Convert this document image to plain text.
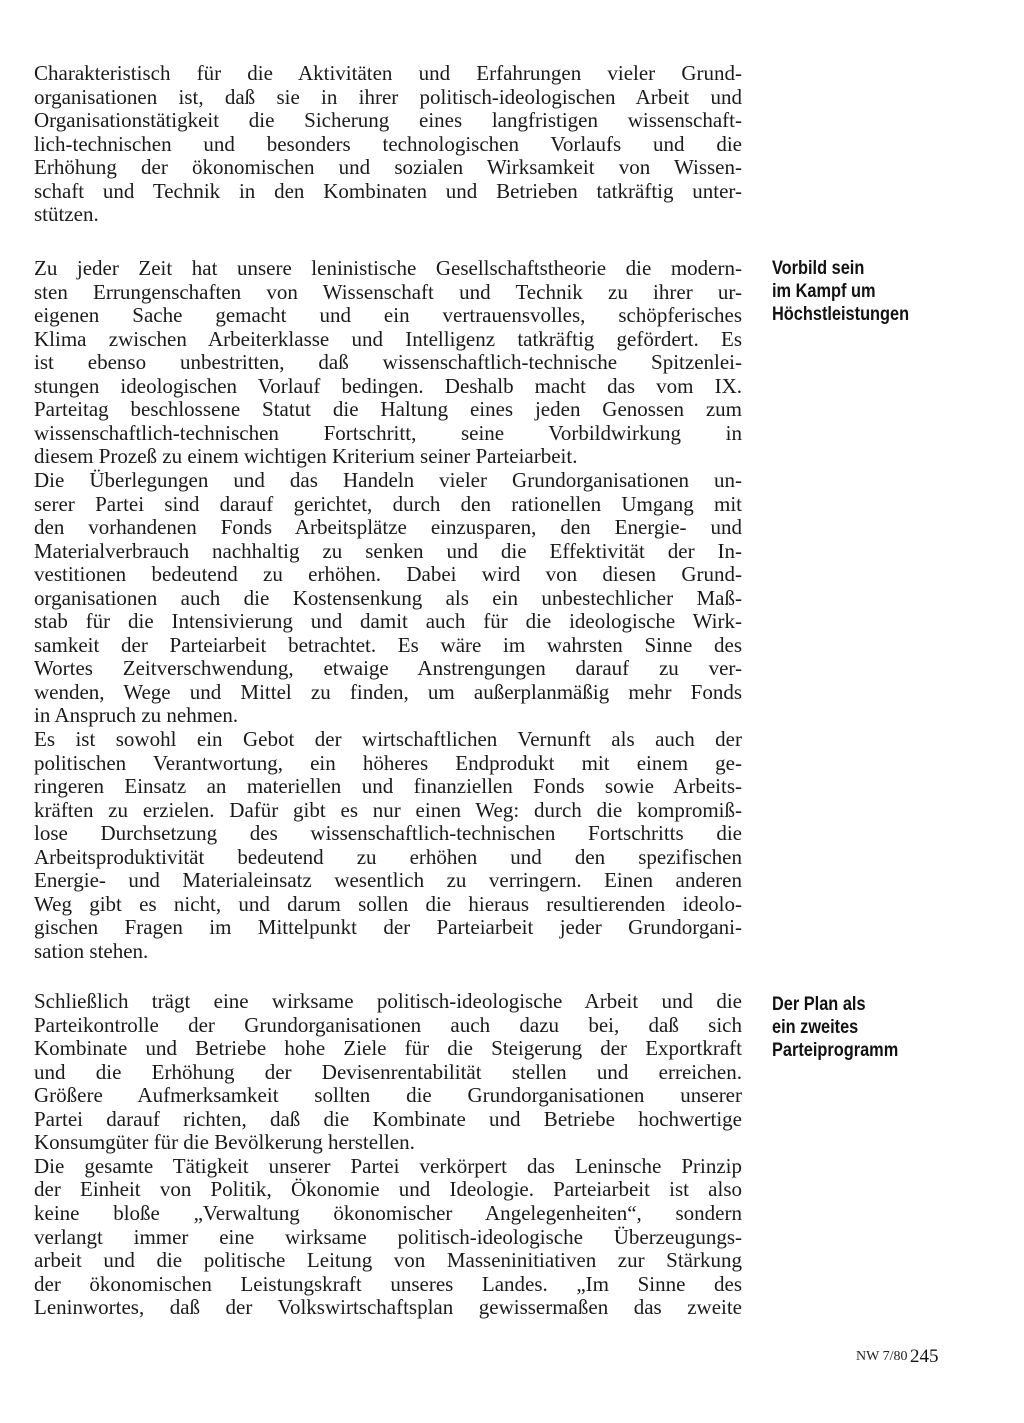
Charakteristisch für die Aktivitäten und Erfahrungen vieler Grund-
organisationen ist, daß sie in ihrer politisch-ideologischen Arbeit und
Organisationstätigkeit die Sicherung eines langfristigen wissenschaft-
lich-technischen und besonders technologischen Vorlaufs und die
Erhöhung der ökonomischen und sozialen Wirksamkeit von Wissen-
schaft und Technik in den Kombinaten und Betrieben tatkräftig unter-
stützen.
Zu jeder Zeit hat unsere leninistische Gesellschaftstheorie die modern-
sten Errungenschaften von Wissenschaft und Technik zu ihrer ur-
eigenen Sache gemacht und ein vertrauensvolles, schöpferisches
Klima zwischen Arbeiterklasse und Intelligenz tatkräftig gefördert. Es
ist ebenso unbestritten, daß wissenschaftlich-technische Spitzenlei-
stungen ideologischen Vorlauf bedingen. Deshalb macht das vom IX.
Parteitag beschlossene Statut die Haltung eines jeden Genossen zum
wissenschaftlich-technischen Fortschritt, seine Vorbildwirkung in
diesem Prozeß zu einem wichtigen Kriterium seiner Parteiarbeit.
Die Überlegungen und das Handeln vieler Grundorganisationen un-
serer Partei sind darauf gerichtet, durch den rationellen Umgang mit
den vorhandenen Fonds Arbeitsplätze einzusparen, den Energie- und
Materialverbrauch nachhaltig zu senken und die Effektivität der In-
vestitionen bedeutend zu erhöhen. Dabei wird von diesen Grund-
organisationen auch die Kostensenkung als ein unbestechlicher Maß-
stab für die Intensivierung und damit auch für die ideologische Wirk-
samkeit der Parteiarbeit betrachtet. Es wäre im wahrsten Sinne des
Wortes Zeitverschwendung, etwaige Anstrengungen darauf zu ver-
wenden, Wege und Mittel zu finden, um außerplanmäßig mehr Fonds
in Anspruch zu nehmen.
Es ist sowohl ein Gebot der wirtschaftlichen Vernunft als auch der
politischen Verantwortung, ein höheres Endprodukt mit einem ge-
ringeren Einsatz an materiellen und finanziellen Fonds sowie Arbeits-
kräften zu erzielen. Dafür gibt es nur einen Weg: durch die kompromiß-
lose Durchsetzung des wissenschaftlich-technischen Fortschritts die
Arbeitsproduktivität bedeutend zu erhöhen und den spezifischen
Energie- und Materialeinsatz wesentlich zu verringern. Einen anderen
Weg gibt es nicht, und darum sollen die hieraus resultierenden ideolo-
gischen Fragen im Mittelpunkt der Parteiarbeit jeder Grundorgani-
sation stehen.
Schließlich trägt eine wirksame politisch-ideologische Arbeit und die
Parteikontrolle der Grundorganisationen auch dazu bei, daß sich
Kombinate und Betriebe hohe Ziele für die Steigerung der Exportkraft
und die Erhöhung der Devisenrentabilität stellen und erreichen.
Größere Aufmerksamkeit sollten die Grundorganisationen unserer
Partei darauf richten, daß die Kombinate und Betriebe hochwertige
Konsumgüter für die Bevölkerung herstellen.
Die gesamte Tätigkeit unserer Partei verkörpert das Leninsche Prinzip
der Einheit von Politik, Ökonomie und Ideologie. Parteiarbeit ist also
keine bloße „Verwaltung ökonomischer Angelegenheiten“, sondern
verlangt immer eine wirksame politisch-ideologische Überzeugungs-
arbeit und die politische Leitung von Masseninitiativen zur Stärkung
der ökonomischen Leistungskraft unseres Landes. „Im Sinne des
Leninwortes, daß der Volkswirtschaftsplan gewissermaßen das zweite
Vorbild sein
im Kampf um
Höchstleistungen
Der Plan als
ein zweites
Parteiprogramm
NW 7/80 245
